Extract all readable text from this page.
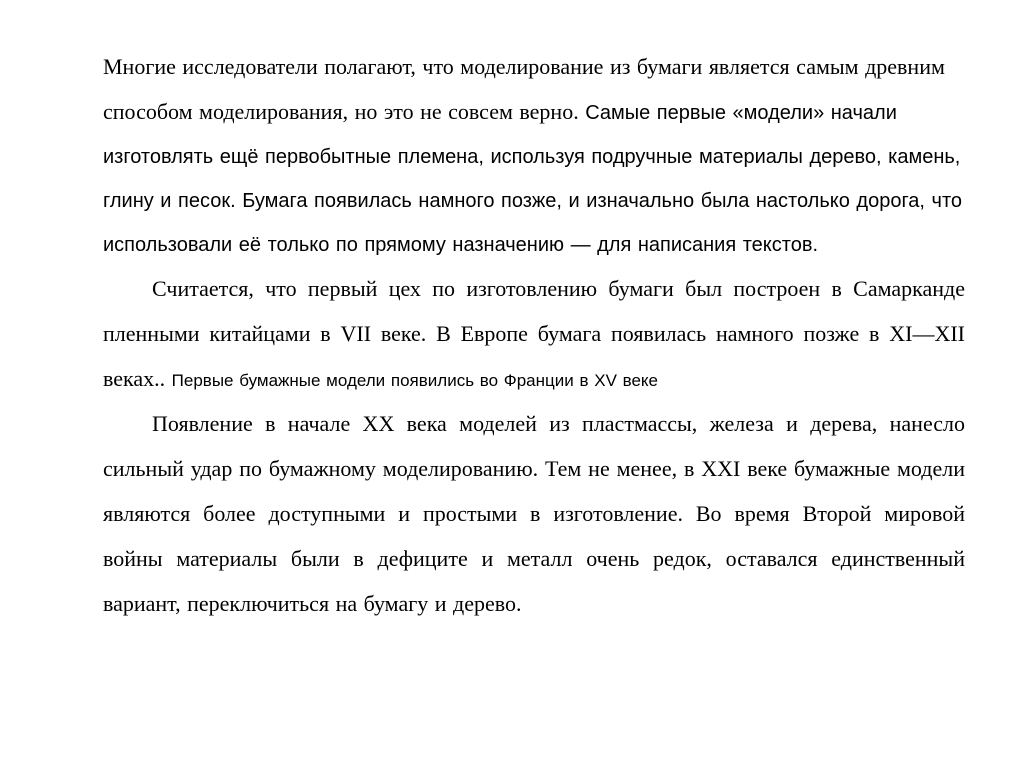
Многие исследователи полагают, что моделирование из бумаги является самым древним способом моделирования, но это не совсем верно. Самые первые «модели» начали изготовлять ещё первобытные племена, используя подручные материалы дерево, камень, глину и песок. Бумага появилась намного позже, и изначально была настолько дорога, что использовали её только по прямому назначению — для написания текстов.

Считается, что первый цех по изготовлению бумаги был построен в Самарканде пленными китайцами в VII веке. В Европе бумага появилась намного позже в XI—XII веках.. Первые бумажные модели появились во Франции в XV веке

Появление в начале XX века моделей из пластмассы, железа и дерева, нанесло сильный удар по бумажному моделированию. Тем не менее, в XXI веке бумажные модели являются более доступными и простыми в изготовление. Во время Второй мировой войны материалы были в дефиците и металл очень редок, оставался единственный вариант, переключиться на бумагу и дерево.
